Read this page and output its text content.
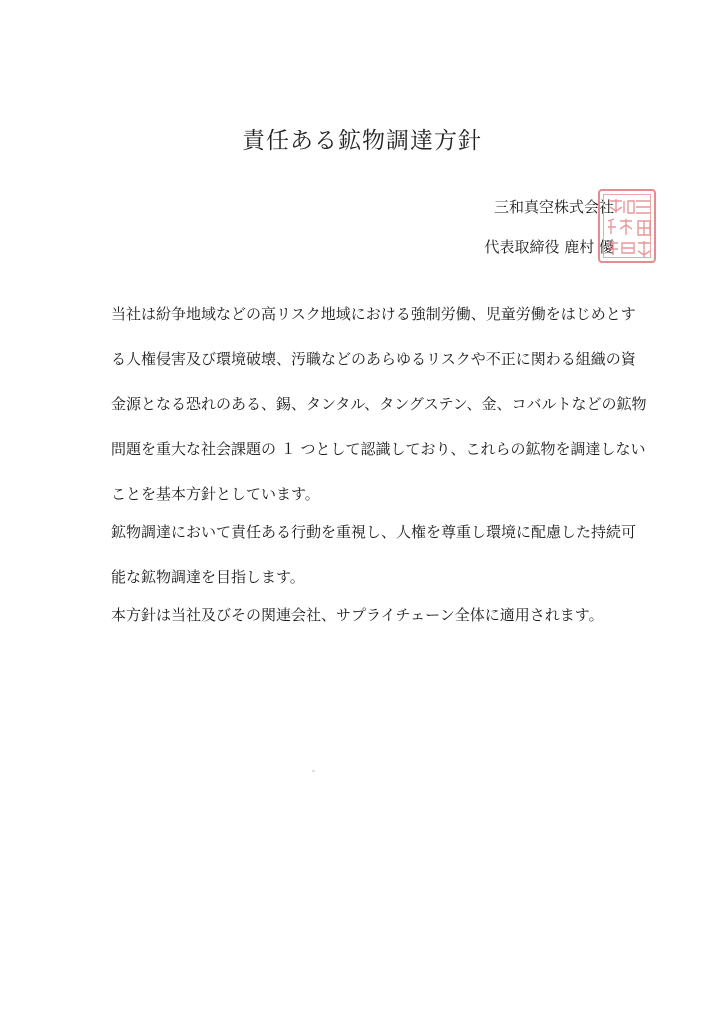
責任ある鉱物調達方針
三和真空株式会社
代表取締役 鹿村 優

当社は紛争地域などの高リスク地域における強制労働、児童労働をはじめとす

る人権侵害及び環境破壊、汚職などのあらゆるリスクや不正に関わる組織の資

金源となる恐れのある、錫、タンタル、タングステン、金、コバルトなどの鉱物

問題を重大な社会課題の １ つとして認識しており、これらの鉱物を調達しない

ことを基本方針としています。

鉱物調達において責任ある行動を重視し、人権を尊重し環境に配慮した持続可

能な鉱物調達を目指します。

本方針は当社及びその関連会社、サプライチェーン全体に適用されます。
